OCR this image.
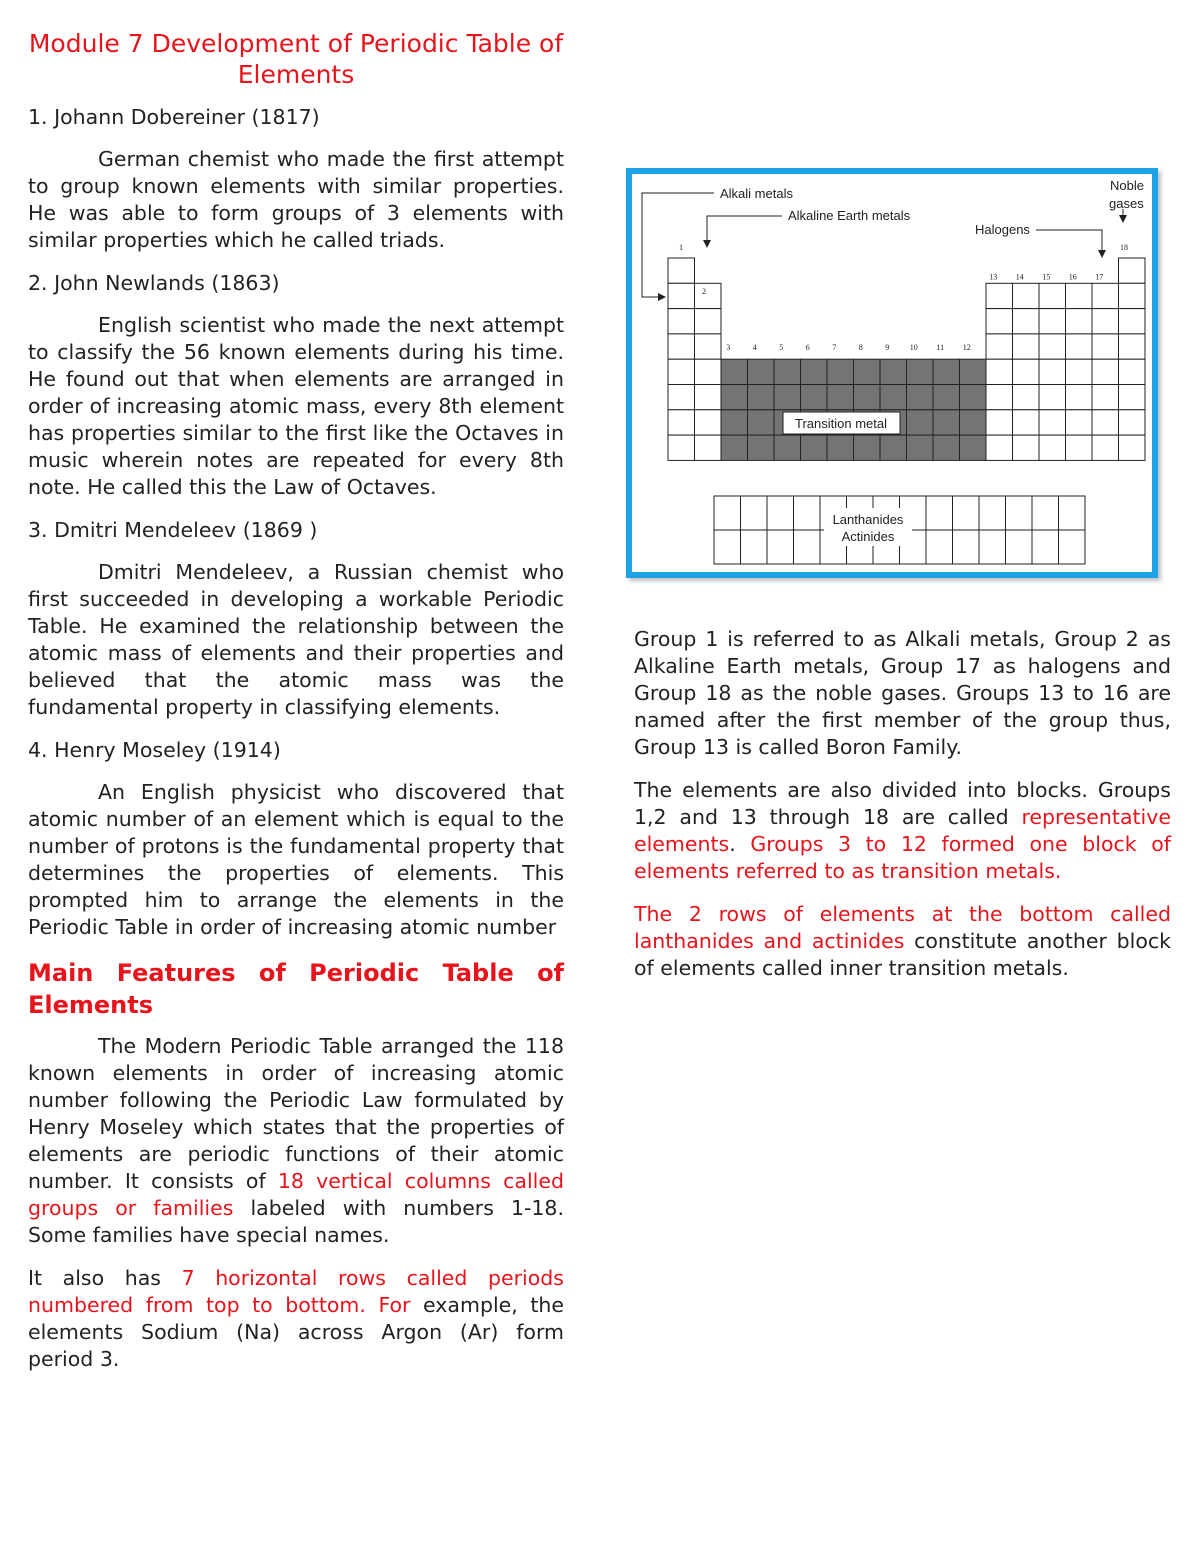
Module 7 Development of Periodic Table of Elements
1. Johann Dobereiner (1817)

German chemist who made the first attempt to group known elements with similar properties. He was able to form groups of 3 elements with similar properties which he called triads.

2. John Newlands (1863)

English scientist who made the next attempt to classify the 56 known elements during his time. He found out that when elements are arranged in order of increasing atomic mass, every 8th element has properties similar to the first like the Octaves in music wherein notes are repeated for every 8th note. He called this the Law of Octaves.

3. Dmitri Mendeleev (1869 )

Dmitri Mendeleev, a Russian chemist who first succeeded in developing a workable Periodic Table. He examined the relationship between the atomic mass of elements and their properties and believed that the atomic mass was the fundamental property in classifying elements.

4. Henry Moseley (1914)

An English physicist who discovered that atomic number of an element which is equal to the number of protons is the fundamental property that determines the properties of elements. This prompted him to arrange the elements in the Periodic Table in order of increasing atomic number

Main Features of Periodic Table of
Elements

The Modern Periodic Table arranged the 118 known elements in order of increasing atomic number following the Periodic Law formulated by Henry Moseley which states that the properties of elements are periodic functions of their atomic number. It consists of 18 vertical columns called groups or families labeled with numbers 1-18. Some families have special names.

It also has 7 horizontal rows called periods numbered from top to bottom. For example, the elements Sodium (Na) across Argon (Ar) form period 3.

Alkali metals
Alkaline Earth metals
Noble
gases
Halogens
1
2
18
3	4	5	6	7	8	9	10 11 12
13 14 15 16 17
Transition metal
Lanthanides
Actinides

Group 1 is referred to as Alkali metals, Group 2 as Alkaline Earth metals, Group 17 as halogens and Group 18 as the noble gases. Groups 13 to 16 are named after the first member of the group thus, Group 13 is called Boron Family.

The elements are also divided into blocks. Groups 1,2 and 13 through 18 are called representative elements. Groups 3 to 12 formed one block of elements referred to as transition metals.

The 2 rows of elements at the bottom called lanthanides and actinides constitute another block of elements called inner transition metals.
